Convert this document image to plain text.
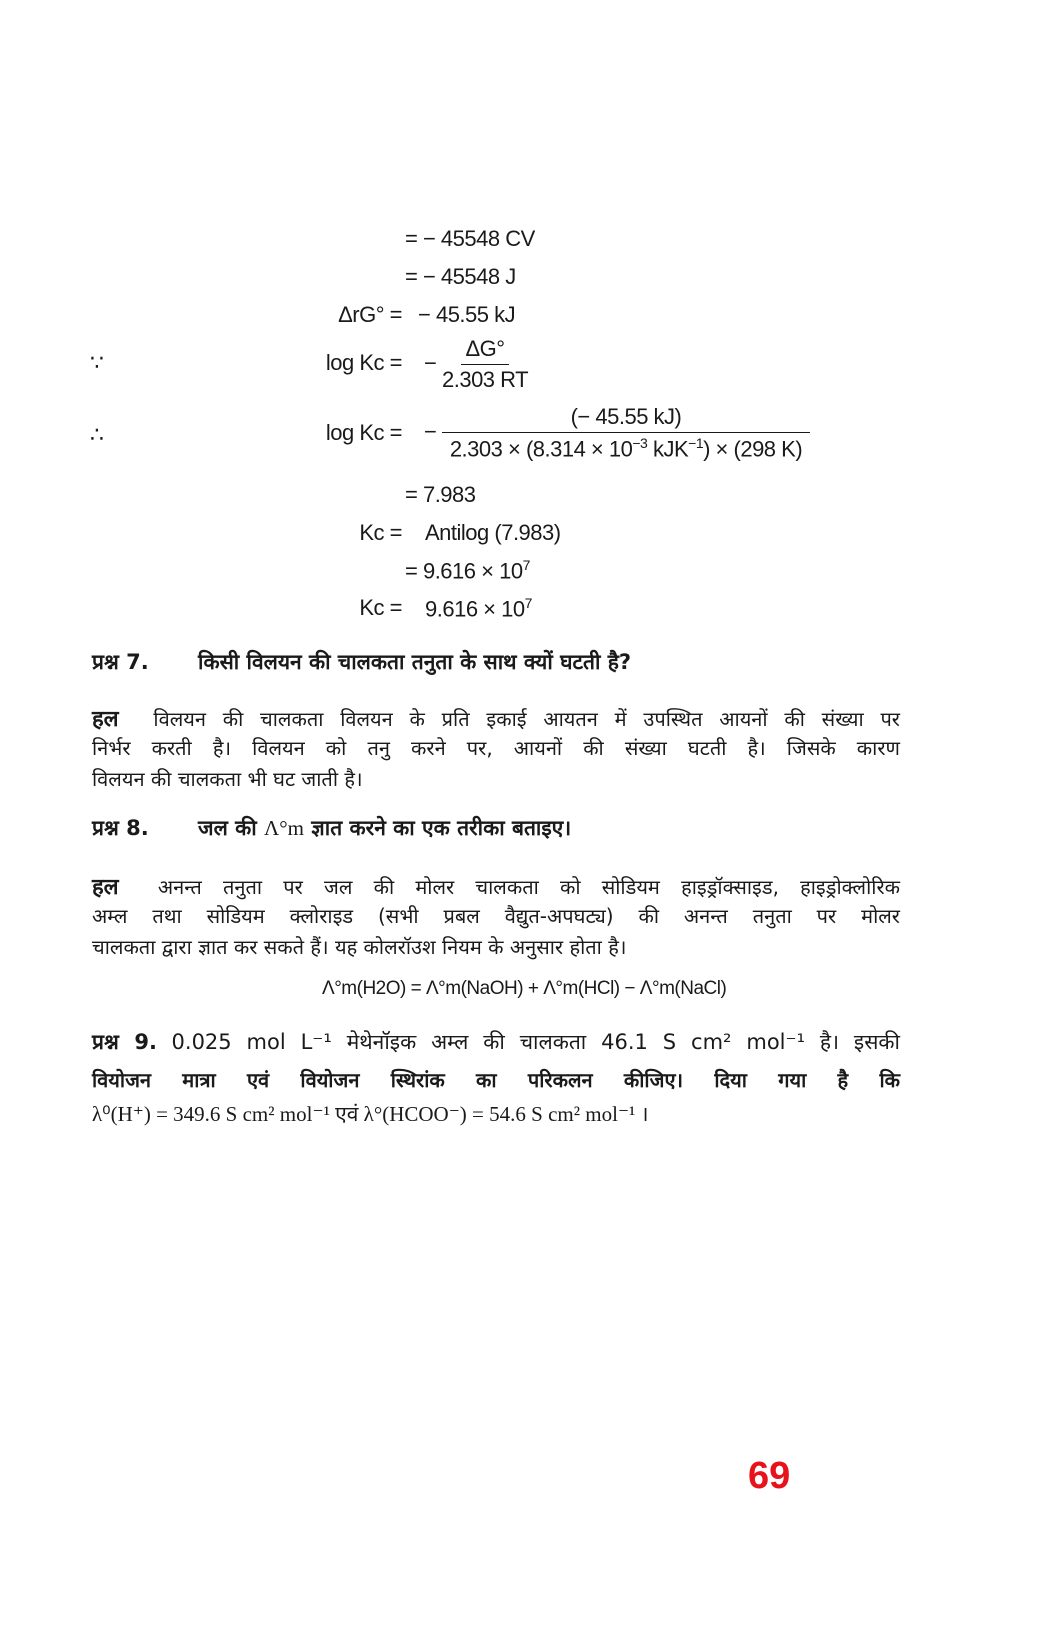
= − 45548 CV
= − 45548 J
ΔrG° = − 45.55 kJ
∵	log Kc = − $\frac{\Delta G^\circ}{2.303 RT}$
∴	log Kc = − $\frac{(- 45.55 kJ)}{2.303 \times (8.314 \times 10^{-3} kJK^{-1}) \times (298 K)}$
= 7.983
Kc = Antilog (7.983)
= $9.616 \times 10^7$
$Kc = 9.616 \times 10^7$
प्रश्न 7. किसी विलयन की चालकता तनुता के साथ क्यों घटती है?
हल विलयन की चालकता विलयन के प्रति इकाई आयतन में उपस्थित आयनों की संख्या पर
निर्भर करती है। विलयन को तनु करने पर, आयनों की संख्या घटती है। जिसके कारण
विलयन की चालकता भी घट जाती है।
प्रश्न 8. जल की Λ°m ज्ञात करने का एक तरीका बताइए।
हल अनन्त तनुता पर जल की मोलर चालकता को सोडियम हाइड्रॉक्साइड, हाइड्रोक्लोरिक
अम्ल तथा सोडियम क्लोराइड (सभी प्रबल वैद्युत-अपघट्य) की अनन्त तनुता पर मोलर
चालकता द्वारा ज्ञात कर सकते हैं। यह कोलरॉउश नियम के अनुसार होता है।
Λ°m(H2O) = Λ°m(NaOH) + Λ°m(HCl) − Λ°m(NaCl)
प्रश्न 9. 0.025 mol L⁻¹ मेथेनॉइक अम्ल की चालकता 46.1 S cm² mol⁻¹ है। इसकी
वियोजन मात्रा एवं वियोजन स्थिरांक का परिकलन कीजिए। दिया गया है कि
λ⁰(H⁺) = 349.6 S cm² mol⁻¹ एवं λ°(HCOO⁻) = 54.6 S cm² mol⁻¹ ।
69
